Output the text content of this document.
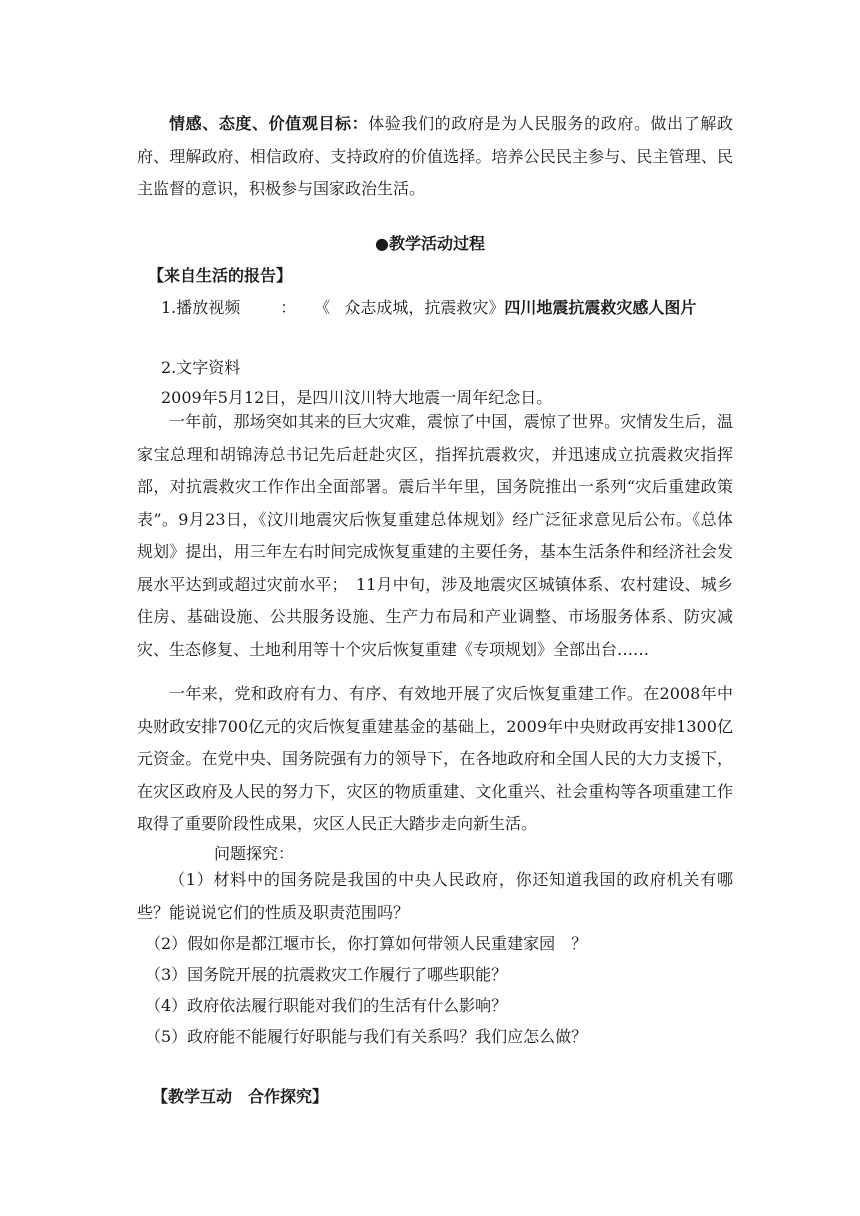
情感、态度、价值观目标：体验我们的政府是为人民服务的政府。做出了解政府、理解政府、相信政府、支持政府的价值选择。培养公民民主参与、民主管理、民主监督的意识，积极参与国家政治生活。

●教学活动过程
【来自生活的报告】
1.播放视频	： 《 众志成城，抗震救灾》四川地震抗震救灾感人图片
2.文字资料
2009年5月12日，是四川汶川特大地震一周年纪念日。

一年前，那场突如其来的巨大灾难，震惊了中国，震惊了世界。灾情发生后，温家宝总理和胡锦涛总书记先后赶赴灾区，指挥抗震救灾，并迅速成立抗震救灾指挥部，对抗震救灾工作作出全面部署。震后半年里，国务院推出一系列“灾后重建政策表”。9月23日，《汶川地震灾后恢复重建总体规划》经广泛征求意见后公布。《总体规划》提出，用三年左右时间完成恢复重建的主要任务，基本生活条件和经济社会发展水平达到或超过灾前水平；　11月中旬，涉及地震灾区城镇体系、农村建设、城乡住房、基础设施、公共服务设施、生产力布局和产业调整、市场服务体系、防灾减灾、生态修复、土地利用等十个灾后恢复重建《专项规划》全部出台……

一年来，党和政府有力、有序、有效地开展了灾后恢复重建工作。在2008年中央财政安排700亿元的灾后恢复重建基金的基础上，2009年中央财政再安排1300亿元资金。在党中央、国务院强有力的领导下，在各地政府和全国人民的大力支援下，在灾区政府及人民的努力下，灾区的物质重建、文化重兴、社会重构等各项重建工作取得了重要阶段性成果，灾区人民正大踏步走向新生活。

问题探究：

（1）材料中的国务院是我国的中央人民政府，你还知道我国的政府机关有哪些？能说说它们的性质及职责范围吗？

（2）假如你是都江堰市长，你打算如何带领人民重建家园　？
（3）国务院开展的抗震救灾工作履行了哪些职能？
（4）政府依法履行职能对我们的生活有什么影响？
（5）政府能不能履行好职能与我们有关系吗？我们应怎么做？
【教学互动　合作探究】
